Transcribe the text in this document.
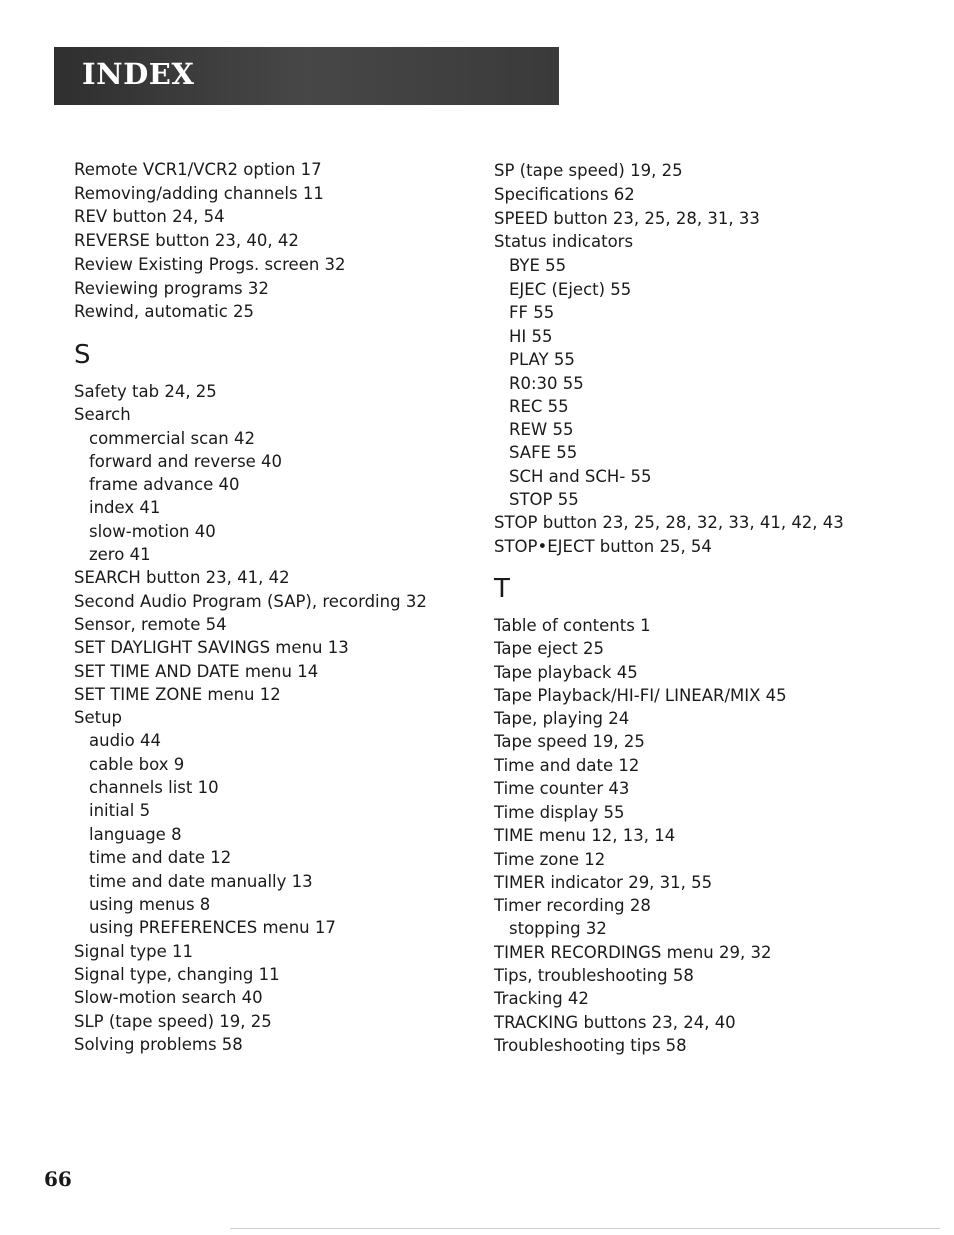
INDEX
Remote VCR1/VCR2 option 17
Removing/adding channels 11
REV button 24, 54
REVERSE button 23, 40, 42
Review Existing Progs. screen 32
Reviewing programs 32
Rewind, automatic 25
S
Safety tab 24, 25
Search
commercial scan 42
forward and reverse 40
frame advance 40
index 41
slow-motion 40
zero 41
SEARCH button 23, 41, 42
Second Audio Program (SAP), recording 32
Sensor, remote 54
SET DAYLIGHT SAVINGS menu 13
SET TIME AND DATE menu 14
SET TIME ZONE menu 12
Setup
audio 44
cable box 9
channels list 10
initial 5
language 8
time and date 12
time and date manually 13
using menus 8
using PREFERENCES menu 17
Signal type 11
Signal type, changing 11
Slow-motion search 40
SLP (tape speed) 19, 25
Solving problems 58
SP (tape speed) 19, 25
Specifications 62
SPEED button 23, 25, 28, 31, 33
Status indicators
BYE 55
EJEC (Eject) 55
FF 55
HI 55
PLAY 55
R0:30 55
REC 55
REW 55
SAFE 55
SCH and SCH- 55
STOP 55
STOP button 23, 25, 28, 32, 33, 41, 42, 43
STOP•EJECT button 25, 54
T
Table of contents 1
Tape eject 25
Tape playback 45
Tape Playback/HI-FI/ LINEAR/MIX 45
Tape, playing 24
Tape speed 19, 25
Time and date 12
Time counter 43
Time display 55
TIME menu 12, 13, 14
Time zone 12
TIMER indicator 29, 31, 55
Timer recording 28
stopping 32
TIMER RECORDINGS menu 29, 32
Tips, troubleshooting 58
Tracking 42
TRACKING buttons 23, 24, 40
Troubleshooting tips 58
66
